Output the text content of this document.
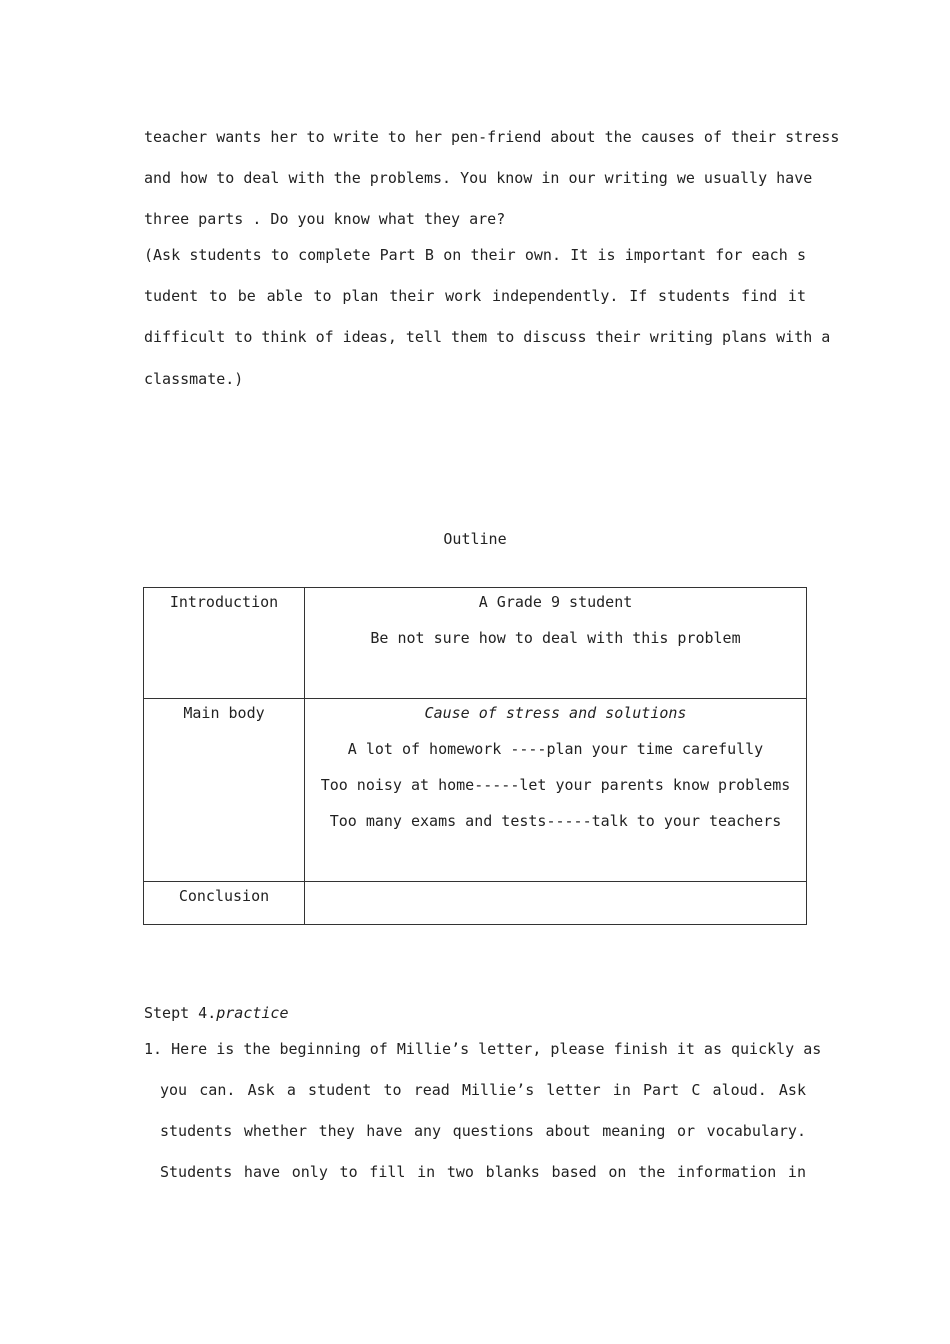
teacher wants her to write to her pen-friend about the causes of their stress
and how to deal with the problems. You know in our writing we usually have
three parts . Do you know what they are?
(Ask students to complete Part B on their own. It is important for each s
tudent to be able to plan their work independently. If students find it
difficult to think of ideas, tell them to discuss their writing plans with a
classmate.)
Outline
Introduction	A Grade 9 student
Be not sure how to deal with this problem

Main body	Cause of stress and solutions
A lot of homework ----plan your time carefully
Too noisy at home-----let your parents know problems
Too many exams and tests-----talk to your teachers

Conclusion	
Stept 4.practice
1. Here is the beginning of Millie’s letter, please finish it as quickly as
you can. Ask a student to read Millie’s letter in Part C aloud. Ask
students whether they have any questions about meaning or vocabulary.
Students have only to fill in two blanks based on the information in
